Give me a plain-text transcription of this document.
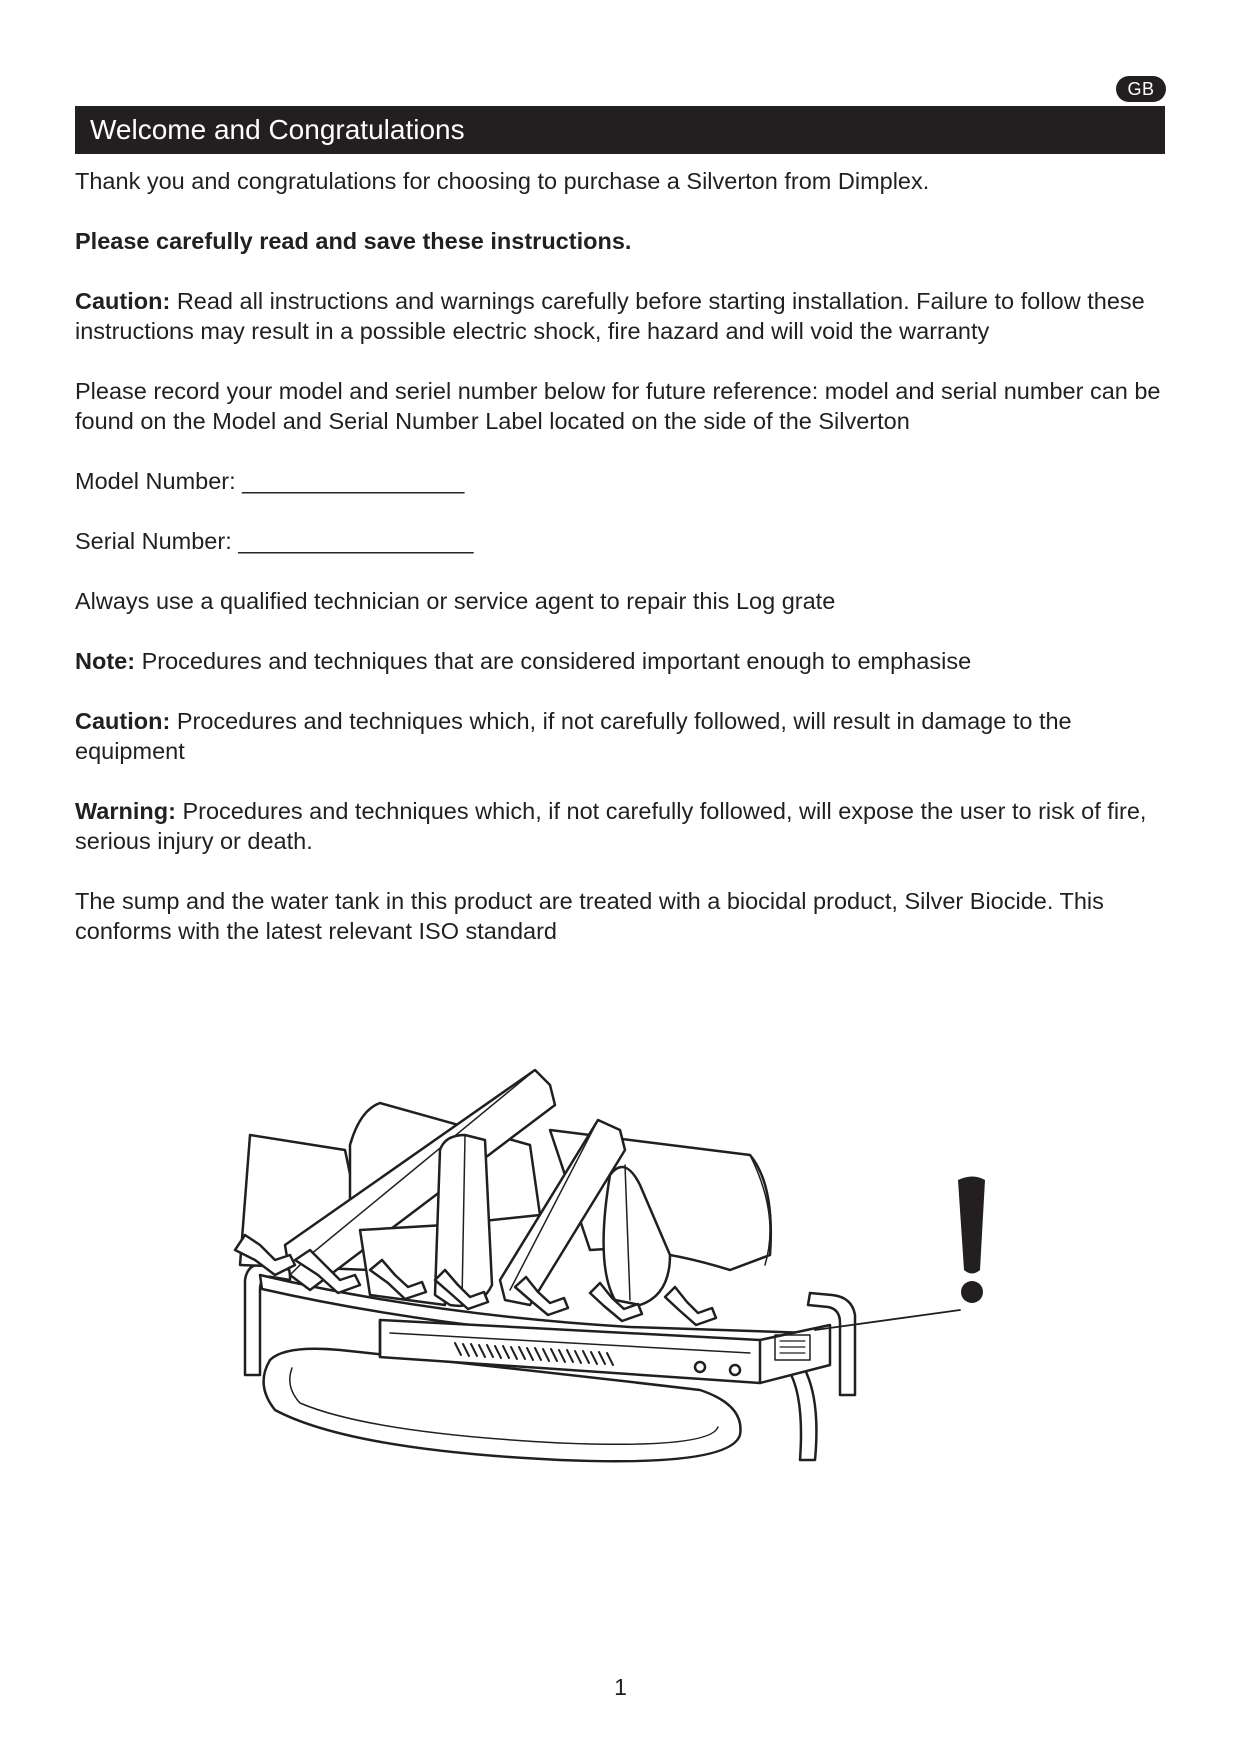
GB
Welcome and Congratulations

Thank you and congratulations for choosing to purchase a Silverton from Dimplex.

Please carefully read and save these instructions.

Caution: Read all instructions and warnings carefully before starting installation. Failure to follow these instructions may result in a possible electric shock, fire hazard and will void the warranty

Please record your model and seriel number below for future reference: model and serial number can be found on the Model and Serial Number Label located on the side of the Silverton

Model Number: _________________

Serial Number: __________________

Always use a qualified technician or service agent to repair this Log grate

Note: Procedures and techniques that are considered important enough to emphasise

Caution: Procedures and techniques which, if not carefully followed, will result in damage to the equipment

Warning: Procedures and techniques which, if not carefully followed, will expose the user to risk of fire, serious injury or death.

The sump and the water tank in this product are treated with a biocidal product, Silver Biocide. This conforms with the latest relevant ISO standard

1
